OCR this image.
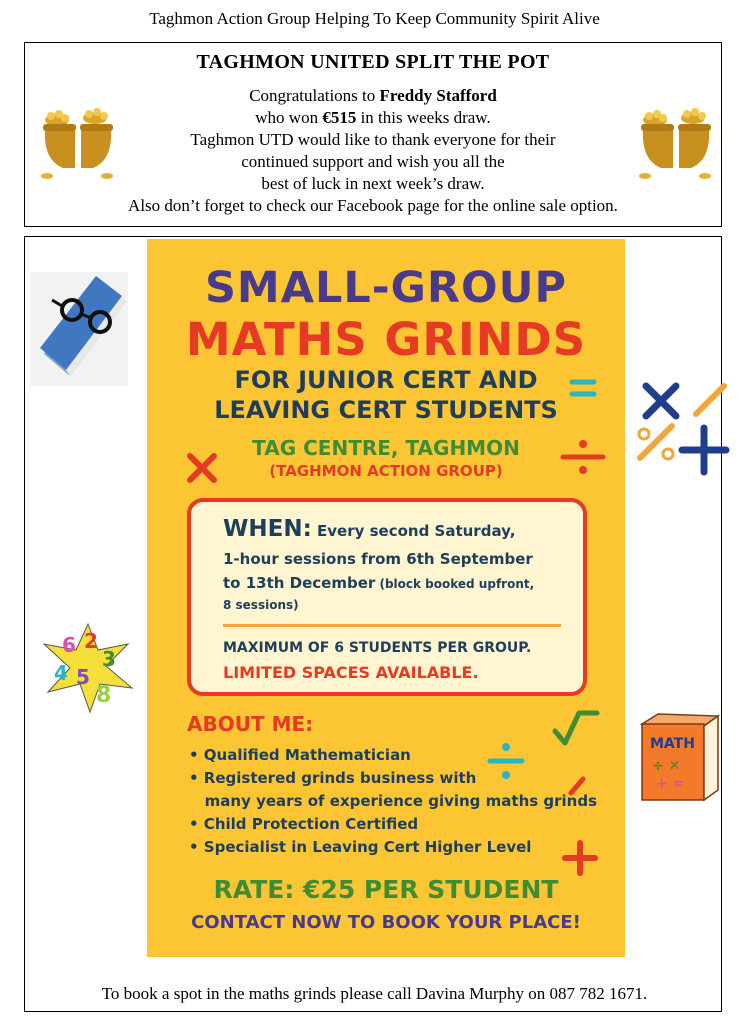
Taghmon Action Group Helping To Keep Community Spirit Alive
TAGHMON UNITED SPLIT THE POT
Congratulations to Freddy Stafford
who won €515 in this weeks draw.
Taghmon UTD would like to thank everyone for their
continued support and wish you all the
best of luck in next week’s draw.
Also don’t forget to check our Facebook page for the online sale option.
6 2
3
4 5
8
MATH
÷ ✕
+ =
SMALL-GROUP
MATHS GRINDS
FOR JUNIOR CERT AND
LEAVING CERT STUDENTS
TAG CENTRE, TAGHMON
(TAGHMON ACTION GROUP)
WHEN: Every second Saturday,
1-hour sessions from 6th September
to 13th December (block booked upfront,
8 sessions)
MAXIMUM OF 6 STUDENTS PER GROUP.
LIMITED SPACES AVAILABLE.
ABOUT ME:
• Qualified Mathematician
• Registered grinds business with
many years of experience giving maths grinds
• Child Protection Certified
• Specialist in Leaving Cert Higher Level
RATE: €25 PER STUDENT
CONTACT NOW TO BOOK YOUR PLACE!
To book a spot in the maths grinds please call Davina Murphy on 087 782 1671.
